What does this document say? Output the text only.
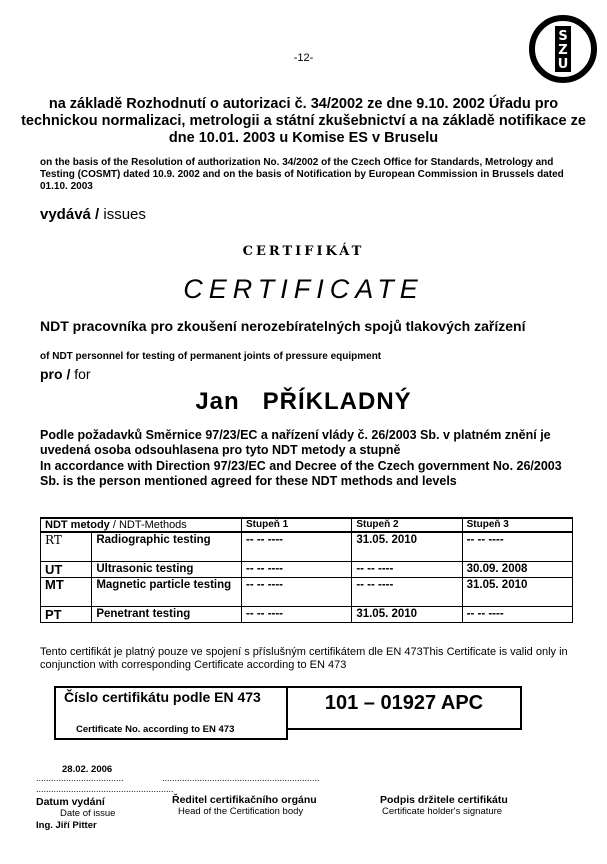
-12-
S
Z
U
na základě Rozhodnutí o autorizaci č. 34/2002 ze dne 9.10. 2002 Úřadu pro technickou normalizaci, metrologii a státní zkušebnictví a na základě notifikace ze dne 10.01. 2003 u Komise ES v Bruselu
on the basis of the Resolution of authorization No. 34/2002 of the Czech Office for Standards, Metrology and Testing (COSMT) dated 10.9. 2002 and on the basis of Notification by European Commission in Brussels dated 01.10. 2003
vydává / issues
CERTIFIKÁT
CERTIFICATE
NDT pracovníka pro zkoušení nerozebíratelných spojů tlakových zařízení
of NDT personnel for testing of permanent joints of pressure equipment
pro / for
Jan   PŘÍKLADNÝ
Podle požadavků Směrnice 97/23/EC a nařízení vlády č. 26/2003 Sb. v platném znění je uvedená osoba odsouhlasena pro tyto NDT metody a stupně
In accordance with Direction 97/23/EC and Decree of the Czech government No. 26/2003 Sb. is the person mentioned agreed for these NDT methods and levels
NDT metody / NDT-Methods		Stupeň 1	Stupeň 2	Stupeň 3
RT	Radiographic testing	-- -- ----	31.05. 2010	-- -- ----
UT	Ultrasonic testing	-- -- ----	-- -- ----	30.09. 2008
MT	Magnetic particle testing	-- -- ----	-- -- ----	31.05. 2010
PT	Penetrant testing	-- -- ----	31.05. 2010	-- -- ----
Tento certifikát je platný pouze ve spojení s příslušným certifikátem dle EN 473This Certificate is valid only in conjunction with corresponding Certificate according to EN 473
Číslo certifikátu podle EN 473
Certificate No. according to EN 473
101 – 01927 APC
28.02. 2006
...................................	...............................................................
.......................................................
Datum vydání
Date of issue
Ing. Jiří Pitter
Ředitel certifikačního orgánu
Head of the Certification body
Podpis držitele certifikátu
Certificate holder's signature
